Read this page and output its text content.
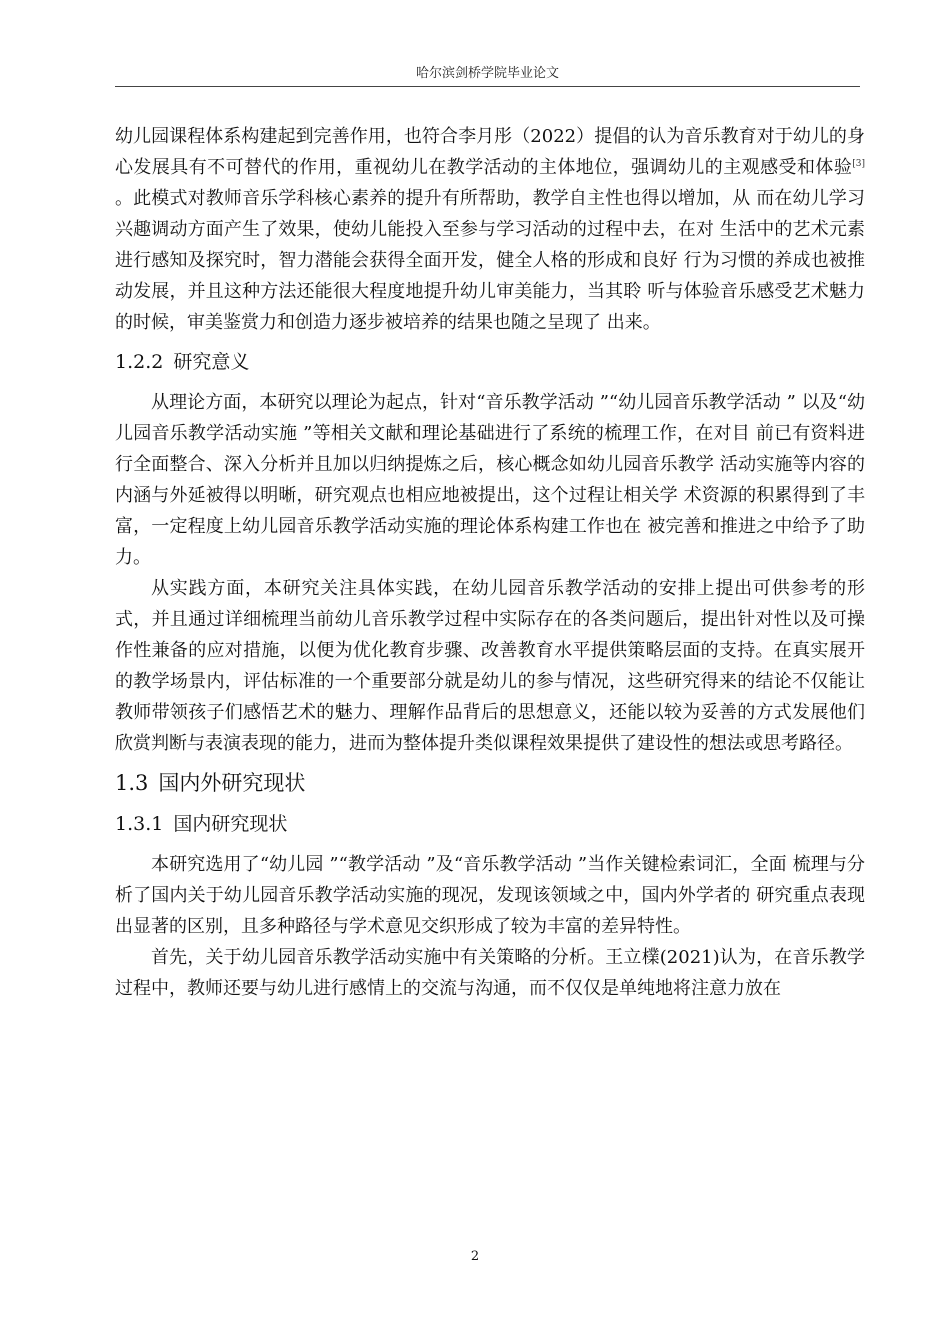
哈尔滨剑桥学院毕业论文

幼儿园课程体系构建起到完善作用，也符合李月彤（2022）提倡的认为音乐教育对于幼儿的身心发展具有不可替代的作用，重视幼儿在教学活动的主体地位，强调幼儿的主观感受和体验[3] 。此模式对教师音乐学科核心素养的提升有所帮助，教学自主性也得以增加，从 而在幼儿学习兴趣调动方面产生了效果，使幼儿能投入至参与学习活动的过程中去，在对 生活中的艺术元素进行感知及探究时，智力潜能会获得全面开发，健全人格的形成和良好 行为习惯的养成也被推动发展，并且这种方法还能很大程度地提升幼儿审美能力，当其聆 听与体验音乐感受艺术魅力的时候，审美鉴赏力和创造力逐步被培养的结果也随之呈现了 出来。

1.2.2 研究意义

从理论方面，本研究以理论为起点，针对“音乐教学活动 ”“幼儿园音乐教学活动 ” 以及“幼儿园音乐教学活动实施 ”等相关文献和理论基础进行了系统的梳理工作，在对目 前已有资料进行全面整合、深入分析并且加以归纳提炼之后，核心概念如幼儿园音乐教学 活动实施等内容的内涵与外延被得以明晰，研究观点也相应地被提出，这个过程让相关学 术资源的积累得到了丰富，一定程度上幼儿园音乐教学活动实施的理论体系构建工作也在 被完善和推进之中给予了助力。

从实践方面，本研究关注具体实践，在幼儿园音乐教学活动的安排上提出可供参考的形式，并且通过详细梳理当前幼儿音乐教学过程中实际存在的各类问题后，提出针对性以及可操作性兼备的应对措施，以便为优化教育步骤、改善教育水平提供策略层面的支持。在真实展开的教学场景内，评估标准的一个重要部分就是幼儿的参与情况，这些研究得来的结论不仅能让教师带领孩子们感悟艺术的魅力、理解作品背后的思想意义，还能以较为妥善的方式发展他们欣赏判断与表演表现的能力，进而为整体提升类似课程效果提供了建设性的想法或思考路径。

1.3 国内外研究现状
1.3.1 国内研究现状

本研究选用了“幼儿园 ”“教学活动 ”及“音乐教学活动 ”当作关键检索词汇，全面 梳理与分析了国内关于幼儿园音乐教学活动实施的现况，发现该领域之中，国内外学者的 研究重点表现出显著的区别，且多种路径与学术意见交织形成了较为丰富的差异特性。

首先，关于幼儿园音乐教学活动实施中有关策略的分析。王立檏(2021)认为，在音乐教学过程中，教师还要与幼儿进行感情上的交流与沟通，而不仅仅是单纯地将注意力放在

2
